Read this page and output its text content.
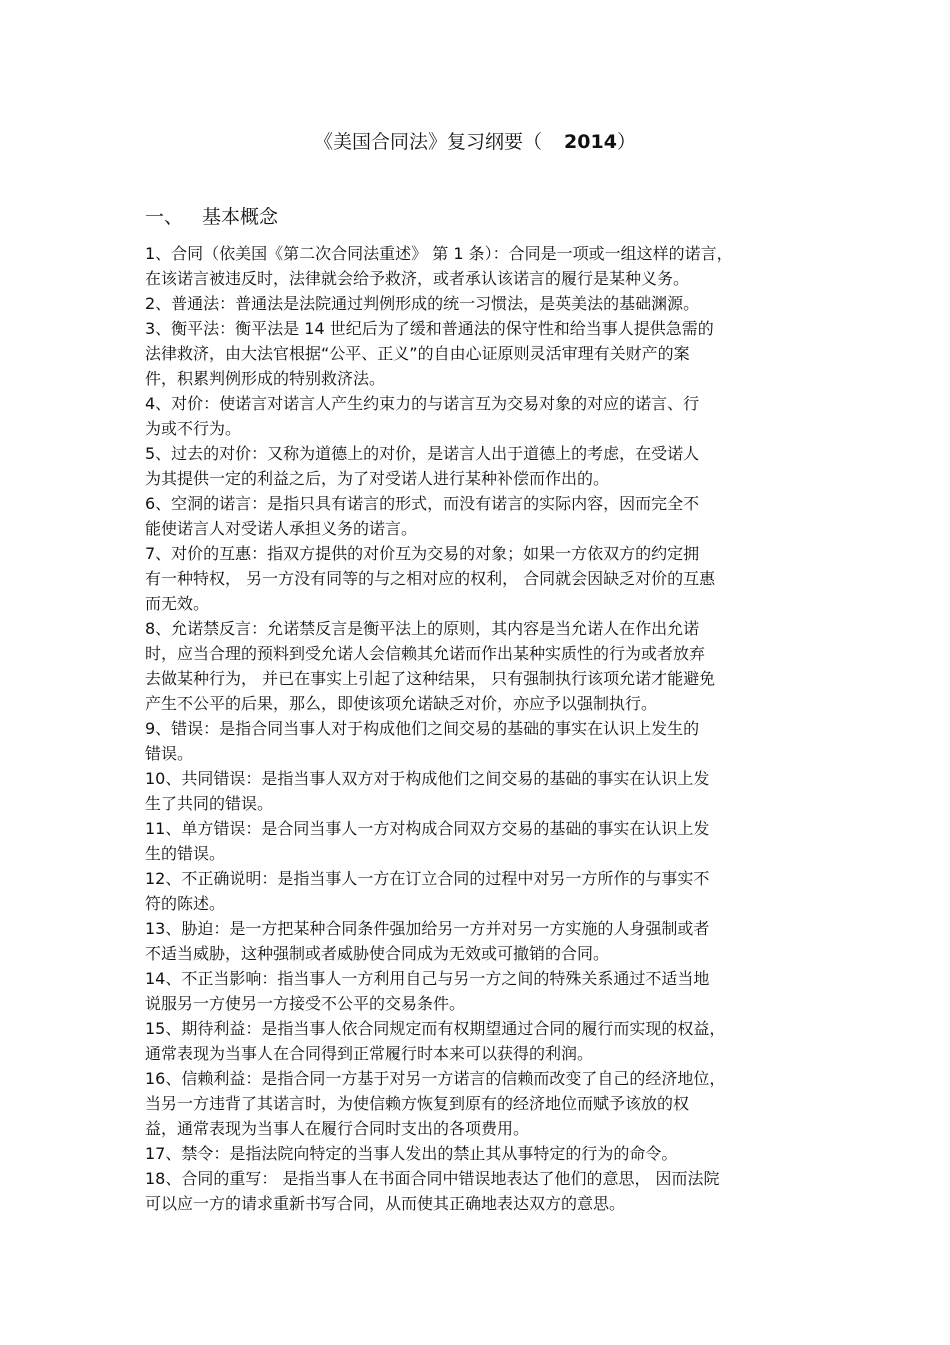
《美国合同法》复习纲要（ 2014）
一、 基本概念

1、合同（依美国《第二次合同法重述》 第 1 条）：合同是一项或一组这样的诺言，
在该诺言被违反时，法律就会给予救济，或者承认该诺言的履行是某种义务。

2、普通法：普通法是法院通过判例形成的统一习惯法，是英美法的基础渊源。

3、衡平法：衡平法是 14 世纪后为了缓和普通法的保守性和给当事人提供急需的
法律救济，由大法官根据“公平、正义”的自由心证原则灵活审理有关财产的案
件，积累判例形成的特别救济法。

4、对价：使诺言对诺言人产生约束力的与诺言互为交易对象的对应的诺言、行
为或不行为。

5、过去的对价：又称为道德上的对价，是诺言人出于道德上的考虑，在受诺人
为其提供一定的利益之后，为了对受诺人进行某种补偿而作出的。

6、空洞的诺言：是指只具有诺言的形式，而没有诺言的实际内容，因而完全不
能使诺言人对受诺人承担义务的诺言。

7、对价的互惠：指双方提供的对价互为交易的对象；如果一方依双方的约定拥
有一种特权， 另一方没有同等的与之相对应的权利， 合同就会因缺乏对价的互惠
而无效。

8、允诺禁反言：允诺禁反言是衡平法上的原则，其内容是当允诺人在作出允诺
时，应当合理的预料到受允诺人会信赖其允诺而作出某种实质性的行为或者放弃
去做某种行为， 并已在事实上引起了这种结果， 只有强制执行该项允诺才能避免
产生不公平的后果，那么，即使该项允诺缺乏对价，亦应予以强制执行。

9、错误：是指合同当事人对于构成他们之间交易的基础的事实在认识上发生的
错误。

10、共同错误：是指当事人双方对于构成他们之间交易的基础的事实在认识上发
生了共同的错误。

11、单方错误：是合同当事人一方对构成合同双方交易的基础的事实在认识上发
生的错误。

12、不正确说明：是指当事人一方在订立合同的过程中对另一方所作的与事实不
符的陈述。

13、胁迫：是一方把某种合同条件强加给另一方并对另一方实施的人身强制或者
不适当威胁，这种强制或者威胁使合同成为无效或可撤销的合同。

14、不正当影响：指当事人一方利用自己与另一方之间的特殊关系通过不适当地
说服另一方使另一方接受不公平的交易条件。

15、期待利益：是指当事人依合同规定而有权期望通过合同的履行而实现的权益，
通常表现为当事人在合同得到正常履行时本来可以获得的利润。

16、信赖利益：是指合同一方基于对另一方诺言的信赖而改变了自己的经济地位，
当另一方违背了其诺言时，为使信赖方恢复到原有的经济地位而赋予该放的权
益，通常表现为当事人在履行合同时支出的各项费用。

17、禁令：是指法院向特定的当事人发出的禁止其从事特定的行为的命令。

18、合同的重写： 是指当事人在书面合同中错误地表达了他们的意思， 因而法院
可以应一方的请求重新书写合同，从而使其正确地表达双方的意思。
